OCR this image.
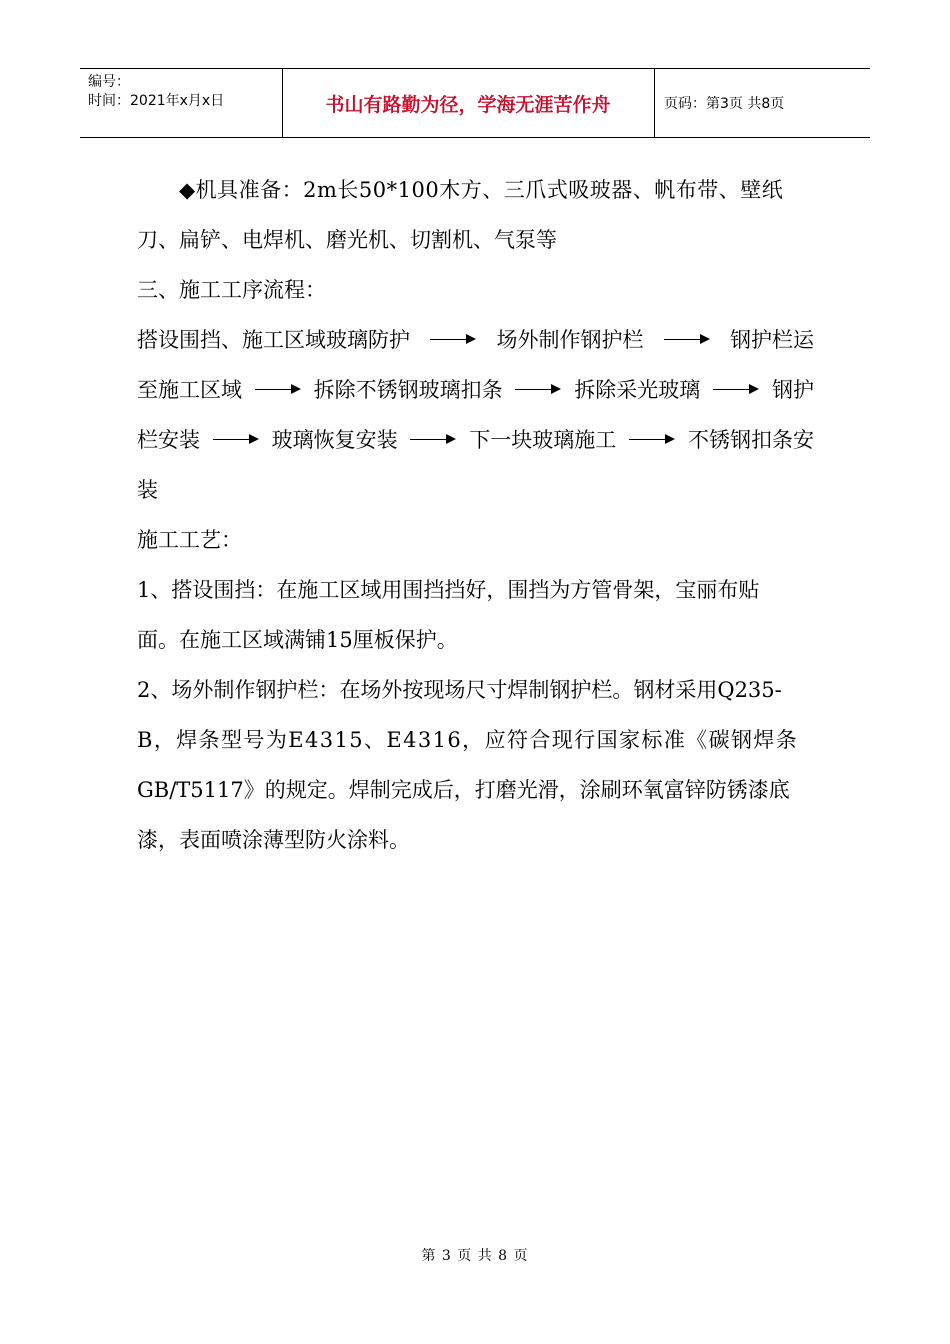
编号：
时间：2021年x月x日	书山有路勤为径，学海无涯苦作舟	页码：第3页 共8页
◆机具准备：2m长50*100木方、三爪式吸玻器、帆布带、壁纸
刀、扁铲、电焊机、磨光机、切割机、气泵等
三、施工工序流程：
搭设围挡、施工区域玻璃防护	场外制作钢护栏	钢护栏运
至施工区域	拆除不锈钢玻璃扣条	拆除采光玻璃	钢护
栏安装	玻璃恢复安装	下一块玻璃施工	不锈钢扣条安
装
施工工艺：
1、搭设围挡：在施工区域用围挡挡好，围挡为方管骨架，宝丽布贴
面。在施工区域满铺15厘板保护。
2、场外制作钢护栏：在场外按现场尺寸焊制钢护栏。钢材采用Q235-
B，焊条型号为E4315、E4316，应符合现行国家标准《碳钢焊条
GB/T5117》的规定。焊制完成后，打磨光滑，涂刷环氧富锌防锈漆底
漆，表面喷涂薄型防火涂料。
第 3 页 共 8 页
